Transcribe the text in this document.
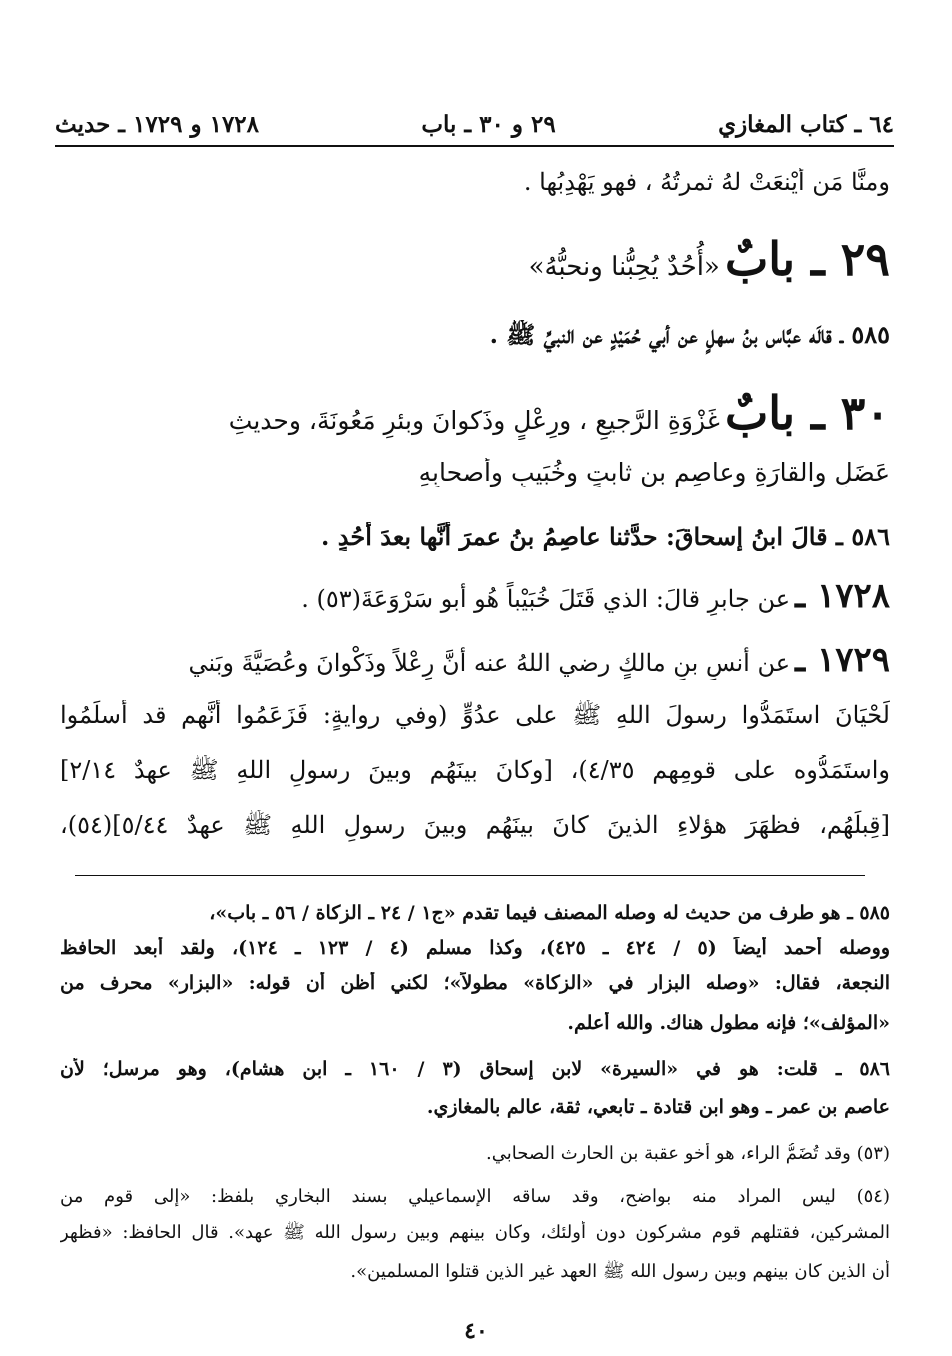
٦٤ ـ كتاب المغازي
٢٩ و ٣٠ ـ باب
١٧٢٨ و ١٧٢٩ ـ حديث
ومنَّا مَن أيْنعَتْ لهُ ثمرتُهُ ، فهو يَهْدِبُها .
٢٩ ـ بابٌ «أُحُدٌ يُحِبُّنا ونحبُّهُ»
٥٨٥ ـ قالَه عبَّاس بنُ سهلٍ عن أبي حُمَيْدٍ عن النبيِّ ﷺ .
٣٠ ـ بابٌ غَزْوَةِ الرَّجيعِ ، ورِعْلٍ وذَكوانَ وبئرِ مَعُونَةَ، وحديثِ
عَضَلٍ والقارَةِ وعاصِمِ بنِ ثابتٍ وخُبَيبٍ وأصحابِهِ
٥٨٦ ـ قالَ ابنُ إسحاقَ: حدَّثنا عاصِمُ بنُ عمرَ أنَّها بعدَ أُحُدٍ .
١٧٢٨ ـ عن جابرٍ قالَ: الذي قَتَلَ خُبَيْباً هُو أبو سَرْوَعَةَ(٥٣) .
١٧٢٩ ـ عن أنسِ بنِ مالكٍ رضي اللهُ عنه أنَّ رِعْلاً وذَكْوانَ وعُصَيَّةَ وبَني
لَحْيَانَ استَمَدُّوا رسولَ اللهِ ﷺ على عدُوٍّ (وفي روايةٍ: فَزَعَمُوا أنَّهم قد أسلَمُوا
واستَمَدُّوه على قومِهم ٤/٣٥)، [وكانَ بينَهُم وبينَ رسولِ اللهِ ﷺ عهدٌ ٢/١٤]
[قِبلَهُم، فظهَرَ هؤلاءِ الذينَ كانَ بينَهُم وبينَ رسولِ اللهِ ﷺ عهدٌ ٥/٤٤](٥٤)،
٥٨٥ ـ هو طرف من حديث له وصله المصنف فيما تقدم «ج١ / ٢٤ ـ الزكاة / ٥٦ ـ باب»،
ووصله أحمد أيضاً (٥ / ٤٢٤ ـ ٤٢٥)، وكذا مسلم (٤ / ١٢٣ ـ ١٢٤)، ولقد أبعد الحافظ
النجعة، فقال: «وصله البزار في «الزكاة» مطولاً»؛ لكني أظن أن قوله: «البزار» محرف من
«المؤلف»؛ فإنه مطول هناك. والله أعلم.
٥٨٦ ـ قلت: هو في «السيرة» لابن إسحاق (٣ / ١٦٠ ـ ابن هشام)، وهو مرسل؛ لأن
عاصم بن عمر ـ وهو ابن قتادة ـ تابعي، ثقة، عالم بالمغازي.
(٥٣) وقد تُضَمُّ الراء، هو أخو عقبة بن الحارث الصحابي.
(٥٤) ليس المراد منه بواضح، وقد ساقه الإسماعيلي بسند البخاري بلفظ: «إلى قوم من
المشركين، فقتلهم قوم مشركون دون أولئك، وكان بينهم وبين رسول الله ﷺ عهد». قال الحافظ: «فظهر
أن الذين كان بينهم وبين رسول الله ﷺ العهد غير الذين قتلوا المسلمين».
٤٠
